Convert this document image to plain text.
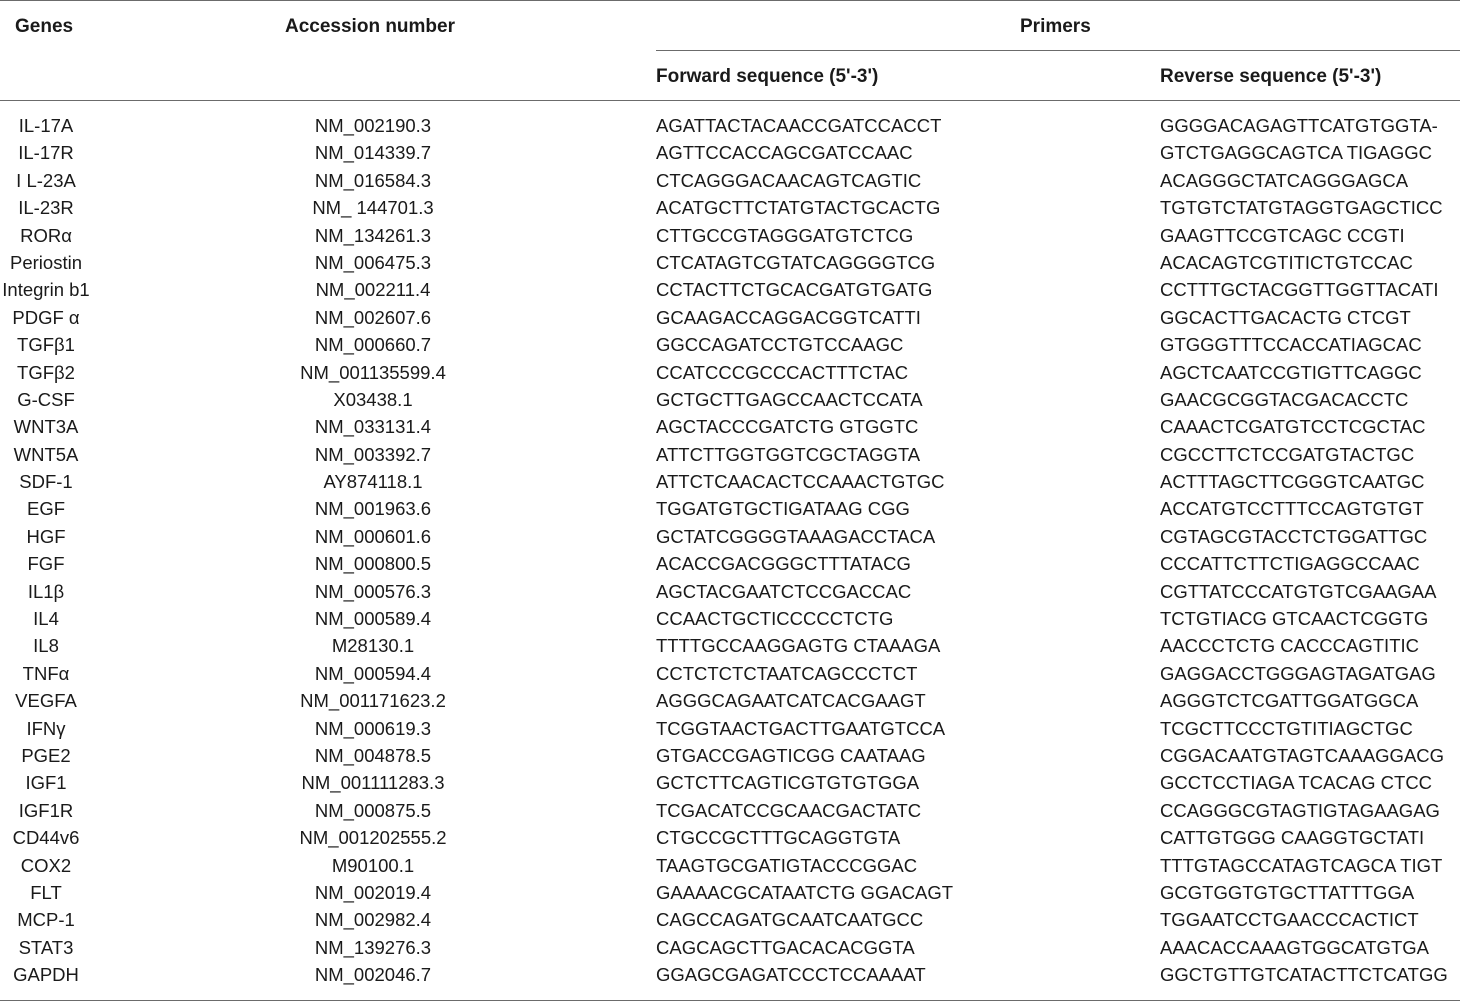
Genes	Accession number	Primers
Forward sequence (5'-3')	Reverse sequence (5'-3')
IL-17A	NM_002190.3	AGATTACTACAACCGATCCACCT	GGGGACAGAGTTCATGTGGTA-
IL-17R	NM_014339.7	AGTTCCACCAGCGATCCAAC	GTCTGAGGCAGTCA TIGAGGC
I L-23A	NM_016584.3	CTCAGGGACAACAGTCAGTIC	ACAGGGCTATCAGGGAGCA
IL-23R	NM_ 144701.3	ACATGCTTCTATGTACTGCACTG	TGTGTCTATGTAGGTGAGCTICC
RORα	NM_134261.3	CTTGCCGTAGGGATGTCTCG	GAAGTTCCGTCAGC CCGTI
Periostin	NM_006475.3	CTCATAGTCGTATCAGGGGTCG	ACACAGTCGTITICTGTCCAC
Integrin b1	NM_002211.4	CCTACTTCTGCACGATGTGATG	CCTTTGCTACGGTTGGTTACATI
PDGF α	NM_002607.6	GCAAGACCAGGACGGTCATTI	GGCACTTGACACTG CTCGT
TGFβ1	NM_000660.7	GGCCAGATCCTGTCCAAGC	GTGGGTTTCCACCATIAGCAC
TGFβ2	NM_001135599.4	CCATCCCGCCCACTTTCTAC	AGCTCAATCCGTIGTTCAGGC
G-CSF	X03438.1	GCTGCTTGAGCCAACTCCATA	GAACGCGGTACGACACCTC
WNT3A	NM_033131.4	AGCTACCCGATCTG GTGGTC	CAAACTCGATGTCCTCGCTAC
WNT5A	NM_003392.7	ATTCTTGGTGGTCGCTAGGTA	CGCCTTCTCCGATGTACTGC
SDF-1	AY874118.1	ATTCTCAACACTCCAAACTGTGC	ACTTTAGCTTCGGGTCAATGC
EGF	NM_001963.6	TGGATGTGCTIGATAAG CGG	ACCATGTCCTTTCCAGTGTGT
HGF	NM_000601.6	GCTATCGGGGTAAAGACCTACA	CGTAGCGTACCTCTGGATTGC
FGF	NM_000800.5	ACACCGACGGGCTTTATACG	CCCATTCTTCTIGAGGCCAAC
IL1β	NM_000576.3	AGCTACGAATCTCCGACCAC	CGTTATCCCATGTGTCGAAGAA
IL4	NM_000589.4	CCAACTGCTICCCCCTCTG	TCTGTIACG GTCAACTCGGTG
IL8	M28130.1	TTTTGCCAAGGAGTG CTAAAGA	AACCCTCTG CACCCAGTITIC
TNFα	NM_000594.4	CCTCTCTCTAATCAGCCCTCT	GAGGACCTGGGAGTAGATGAG
VEGFA	NM_001171623.2	AGGGCAGAATCATCACGAAGT	AGGGTCTCGATTGGATGGCA
IFNγ	NM_000619.3	TCGGTAACTGACTTGAATGTCCA	TCGCTTCCCTGTITIAGCTGC
PGE2	NM_004878.5	GTGACCGAGTICGG CAATAAG	CGGACAATGTAGTCAAAGGACG
IGF1	NM_001111283.3	GCTCTTCAGTICGTGTGTGGA	GCCTCCTIAGA TCACAG CTCC
IGF1R	NM_000875.5	TCGACATCCGCAACGACTATC	CCAGGGCGTAGTIGTAGAAGAG
CD44v6	NM_001202555.2	CTGCCGCTTTGCAGGTGTA	CATTGTGGG CAAGGTGCTATI
COX2	M90100.1	TAAGTGCGATIGTACCCGGAC	TTTGTAGCCATAGTCAGCA TIGT
FLT	NM_002019.4	GAAAACGCATAATCTG GGACAGT	GCGTGGTGTGCTTATTTGGA
MCP-1	NM_002982.4	CAGCCAGATGCAATCAATGCC	TGGAATCCTGAACCCACTICT
STAT3	NM_139276.3	CAGCAGCTTGACACACGGTA	AAACACCAAAGTGGCATGTGA
GAPDH	NM_002046.7	GGAGCGAGATCCCTCCAAAAT	GGCTGTTGTCATACTTCTCATGG
